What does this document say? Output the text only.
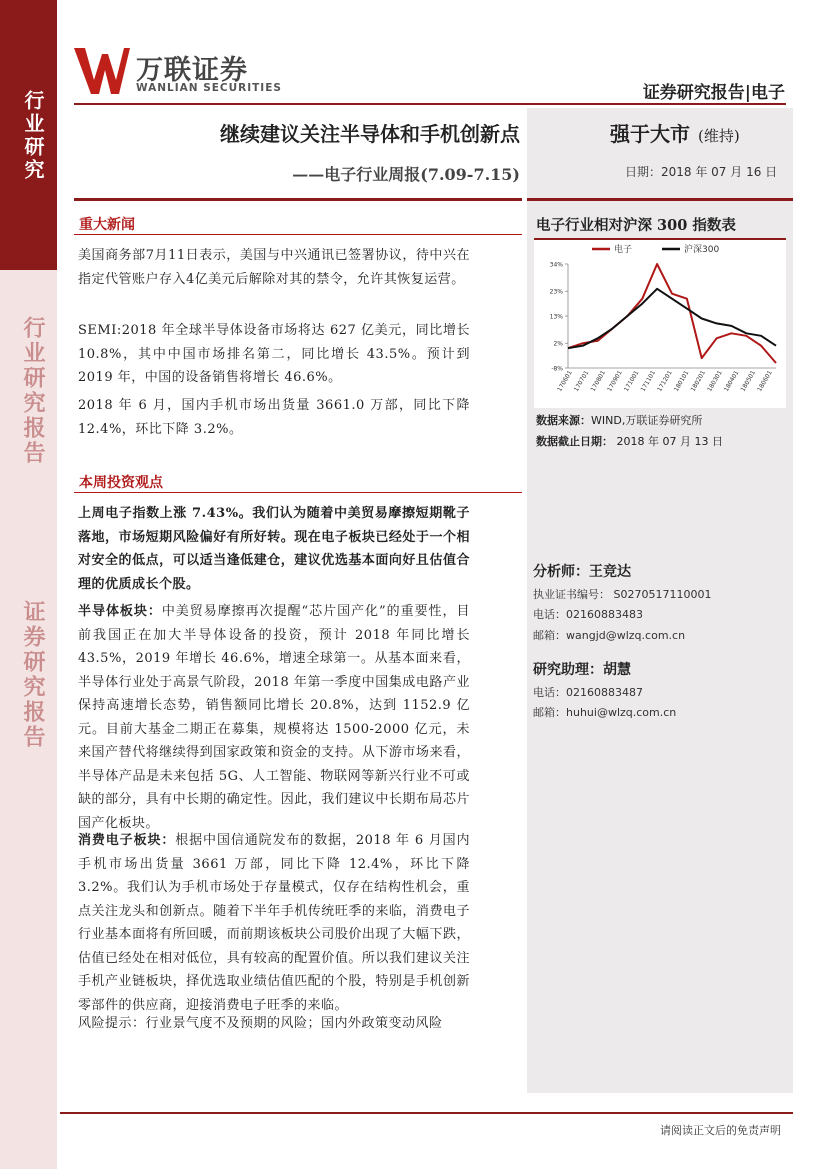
行业研究
行业研究报告
证券研究报告
万联证券
WANLIAN SECURITIES	证券研究报告|电子
继续建议关注半导体和手机创新点
——电子行业周报(7.09-7.15)
强于大市 (维持)
日期：2018 年 07 月 16 日
重大新闻
美国商务部7月11日表示，美国与中兴通讯已签署协议，待中兴在指定代管账户存入4亿美元后解除对其的禁令，允许其恢复运营。
SEMI:2018 年全球半导体设备市场将达 627 亿美元，同比增长 10.8%，其中中国市场排名第二，同比增长 43.5%。预计到 2019 年，中国的设备销售将增长 46.6%。
2018 年 6 月，国内手机市场出货量 3661.0 万部，同比下降 12.4%，环比下降 3.2%。
本周投资观点
上周电子指数上涨 7.43%。我们认为随着中美贸易摩擦短期靴子落地，市场短期风险偏好有所好转。现在电子板块已经处于一个相对安全的低点，可以适当逢低建仓，建议优选基本面向好且估值合理的优质成长个股。
半导体板块：中美贸易摩擦再次提醒“芯片国产化”的重要性，目前我国正在加大半导体设备的投资，预计 2018 年同比增长 43.5%，2019 年增长 46.6%，增速全球第一。从基本面来看，半导体行业处于高景气阶段，2018 年第一季度中国集成电路产业保持高速增长态势，销售额同比增长 20.8%，达到 1152.9 亿元。目前大基金二期正在募集，规模将达 1500-2000 亿元，未来国产替代将继续得到国家政策和资金的支持。从下游市场来看，半导体产品是未来包括 5G、人工智能、物联网等新兴行业不可或缺的部分，具有中长期的确定性。因此，我们建议中长期布局芯片国产化板块。
消费电子板块：根据中国信通院发布的数据，2018 年 6 月国内手机市场出货量 3661 万部，同比下降 12.4%，环比下降 3.2%。我们认为手机市场处于存量模式，仅存在结构性机会，重点关注龙头和创新点。随着下半年手机传统旺季的来临，消费电子行业基本面将有所回暖，而前期该板块公司股价出现了大幅下跌，估值已经处在相对低位，具有较高的配置价值。所以我们建议关注手机产业链板块，择优选取业绩估值匹配的个股，特别是手机创新零部件的供应商，迎接消费电子旺季的来临。
风险提示：行业景气度不及预期的风险；国内外政策变动风险
电子行业相对沪深 300 指数表
电子	沪深300
34%
23%
13%
2%
-8%
170601 170701 170801 170901 171001 171101 171201 180101 180201 180301 180401 180501 180601
数据来源：WIND,万联证券研究所
数据截止日期： 2018 年 07 月 13 日
分析师：王竞达
执业证书编号： S0270517110001
电话：02160883483
邮箱：wangjd@wlzq.com.cn
研究助理：胡慧
电话：02160883487
邮箱：huhui@wlzq.com.cn
请阅读正文后的免责声明
